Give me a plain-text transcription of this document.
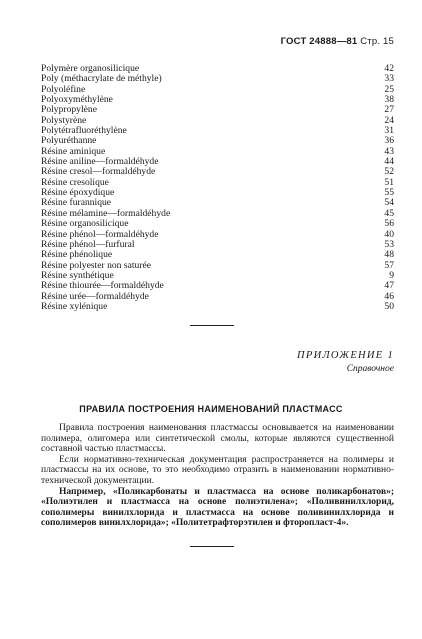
ГОСТ 24888—81 Стр. 15
Polymère organosilicique	42
Poly (méthacrylate de méthyle)	33
Polyoléfine	25
Polyoxyméthylène	38
Polypropylène	27
Polystyrène	24
Polytétrafluoréthylène	31
Polyuréthanne	36
Résine aminique	43
Résine aniline—formaldéhyde	44
Résine cresol—formaldéhyde	52
Résine cresolique	51
Résine époxydique	55
Résine furannique	54
Résine mélamine—formaldéhyde	45
Résine organosilicique	56
Résine phénol—formaldéhyde	40
Résine phénol—furfural	53
Résine phénolique	48
Résine polyester non saturée	57
Résine synthétique	9
Résine thiourée—formaldéhyde	47
Résine urée—formaldéhyde	46
Résine xylénique	50
ПРИЛОЖЕНИЕ 1
Справочное
ПРАВИЛА ПОСТРОЕНИЯ НАИМЕНОВАНИЙ ПЛАСТМАСС

Правила построения наименования пластмассы основывается на наименовании полимера, олигомера или синтетической смолы, которые являются существенной составной частью пластмассы.

Если нормативно-техническая документация распространяется на полимеры и пластмассы на их основе, то это необходимо отразить в наименовании нормативно-технической документации.

Например, «Поликарбонаты и пластмасса на основе поликарбонатов»; «Полиэтилен и пластмасса на основе полиэтилена»; «Поливинилхлорид, сополимеры винилхлорида и пластмасса на основе поливинилхлорида и сополимеров винилхлорида»; «Политетрафторэтилен и фторопласт-4».
